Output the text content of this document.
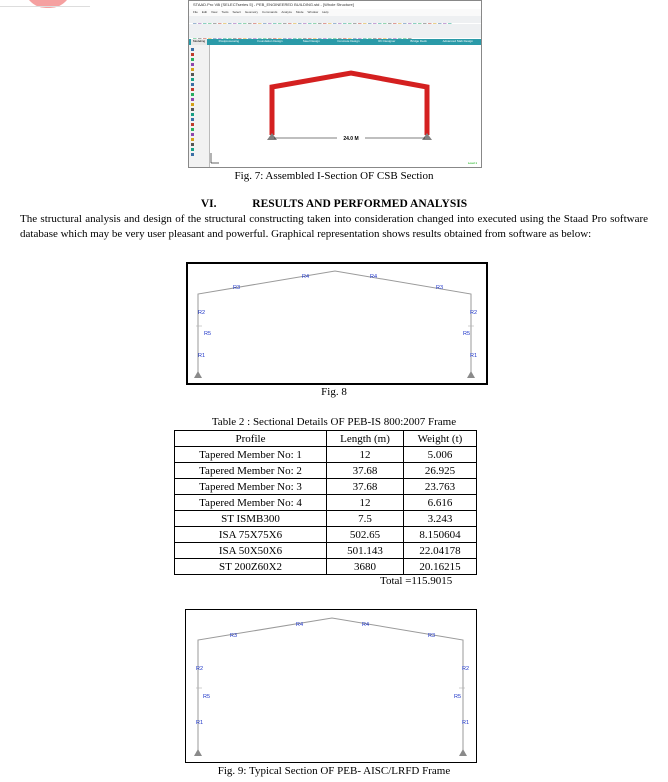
STAAD.Pro V8i [SELECTseries 5] - PEB_ENGINEERED BUILDING.std - [Whole Structure]
File Edit View Tools Select Geometry Commands Analyze Mode Window Help
Modeling	Postprocessing	Foundation Design	Steel Design	Concrete Design	RC Designer	Bridge Deck	Advanced Slab Design	Piping	Connection
24.0 M
Load 1
Fig. 7: Assembled I-Section OF CSB Section
VI.	RESULTS AND PERFORMED ANALYSIS
The structural analysis and design of the structural constructing taken into consideration changed into executed using the Staad Pro software database which may be very user pleasant and powerful. Graphical representation shows results obtained from software as below:
R4	R4
R3	R3
R2	R2
R5	R5
R1	R1
Fig. 8
Table 2 : Sectional Details OF PEB-IS 800:2007 Frame
Profile	Length (m)	Weight (t)
Tapered Member No: 1	12	5.006
Tapered Member No: 2	37.68	26.925
Tapered Member No: 3	37.68	23.763
Tapered Member No: 4	12	6.616
ST ISMB300	7.5	3.243
ISA 75X75X6	502.65	8.150604
ISA 50X50X6	501.143	22.04178
ST 200Z60X2	3680	20.16215
Total =115.9015
R4	R4
R3	R3
R2	R2
R5	R5
R1	R1
Fig. 9: Typical Section OF PEB- AISC/LRFD Frame
